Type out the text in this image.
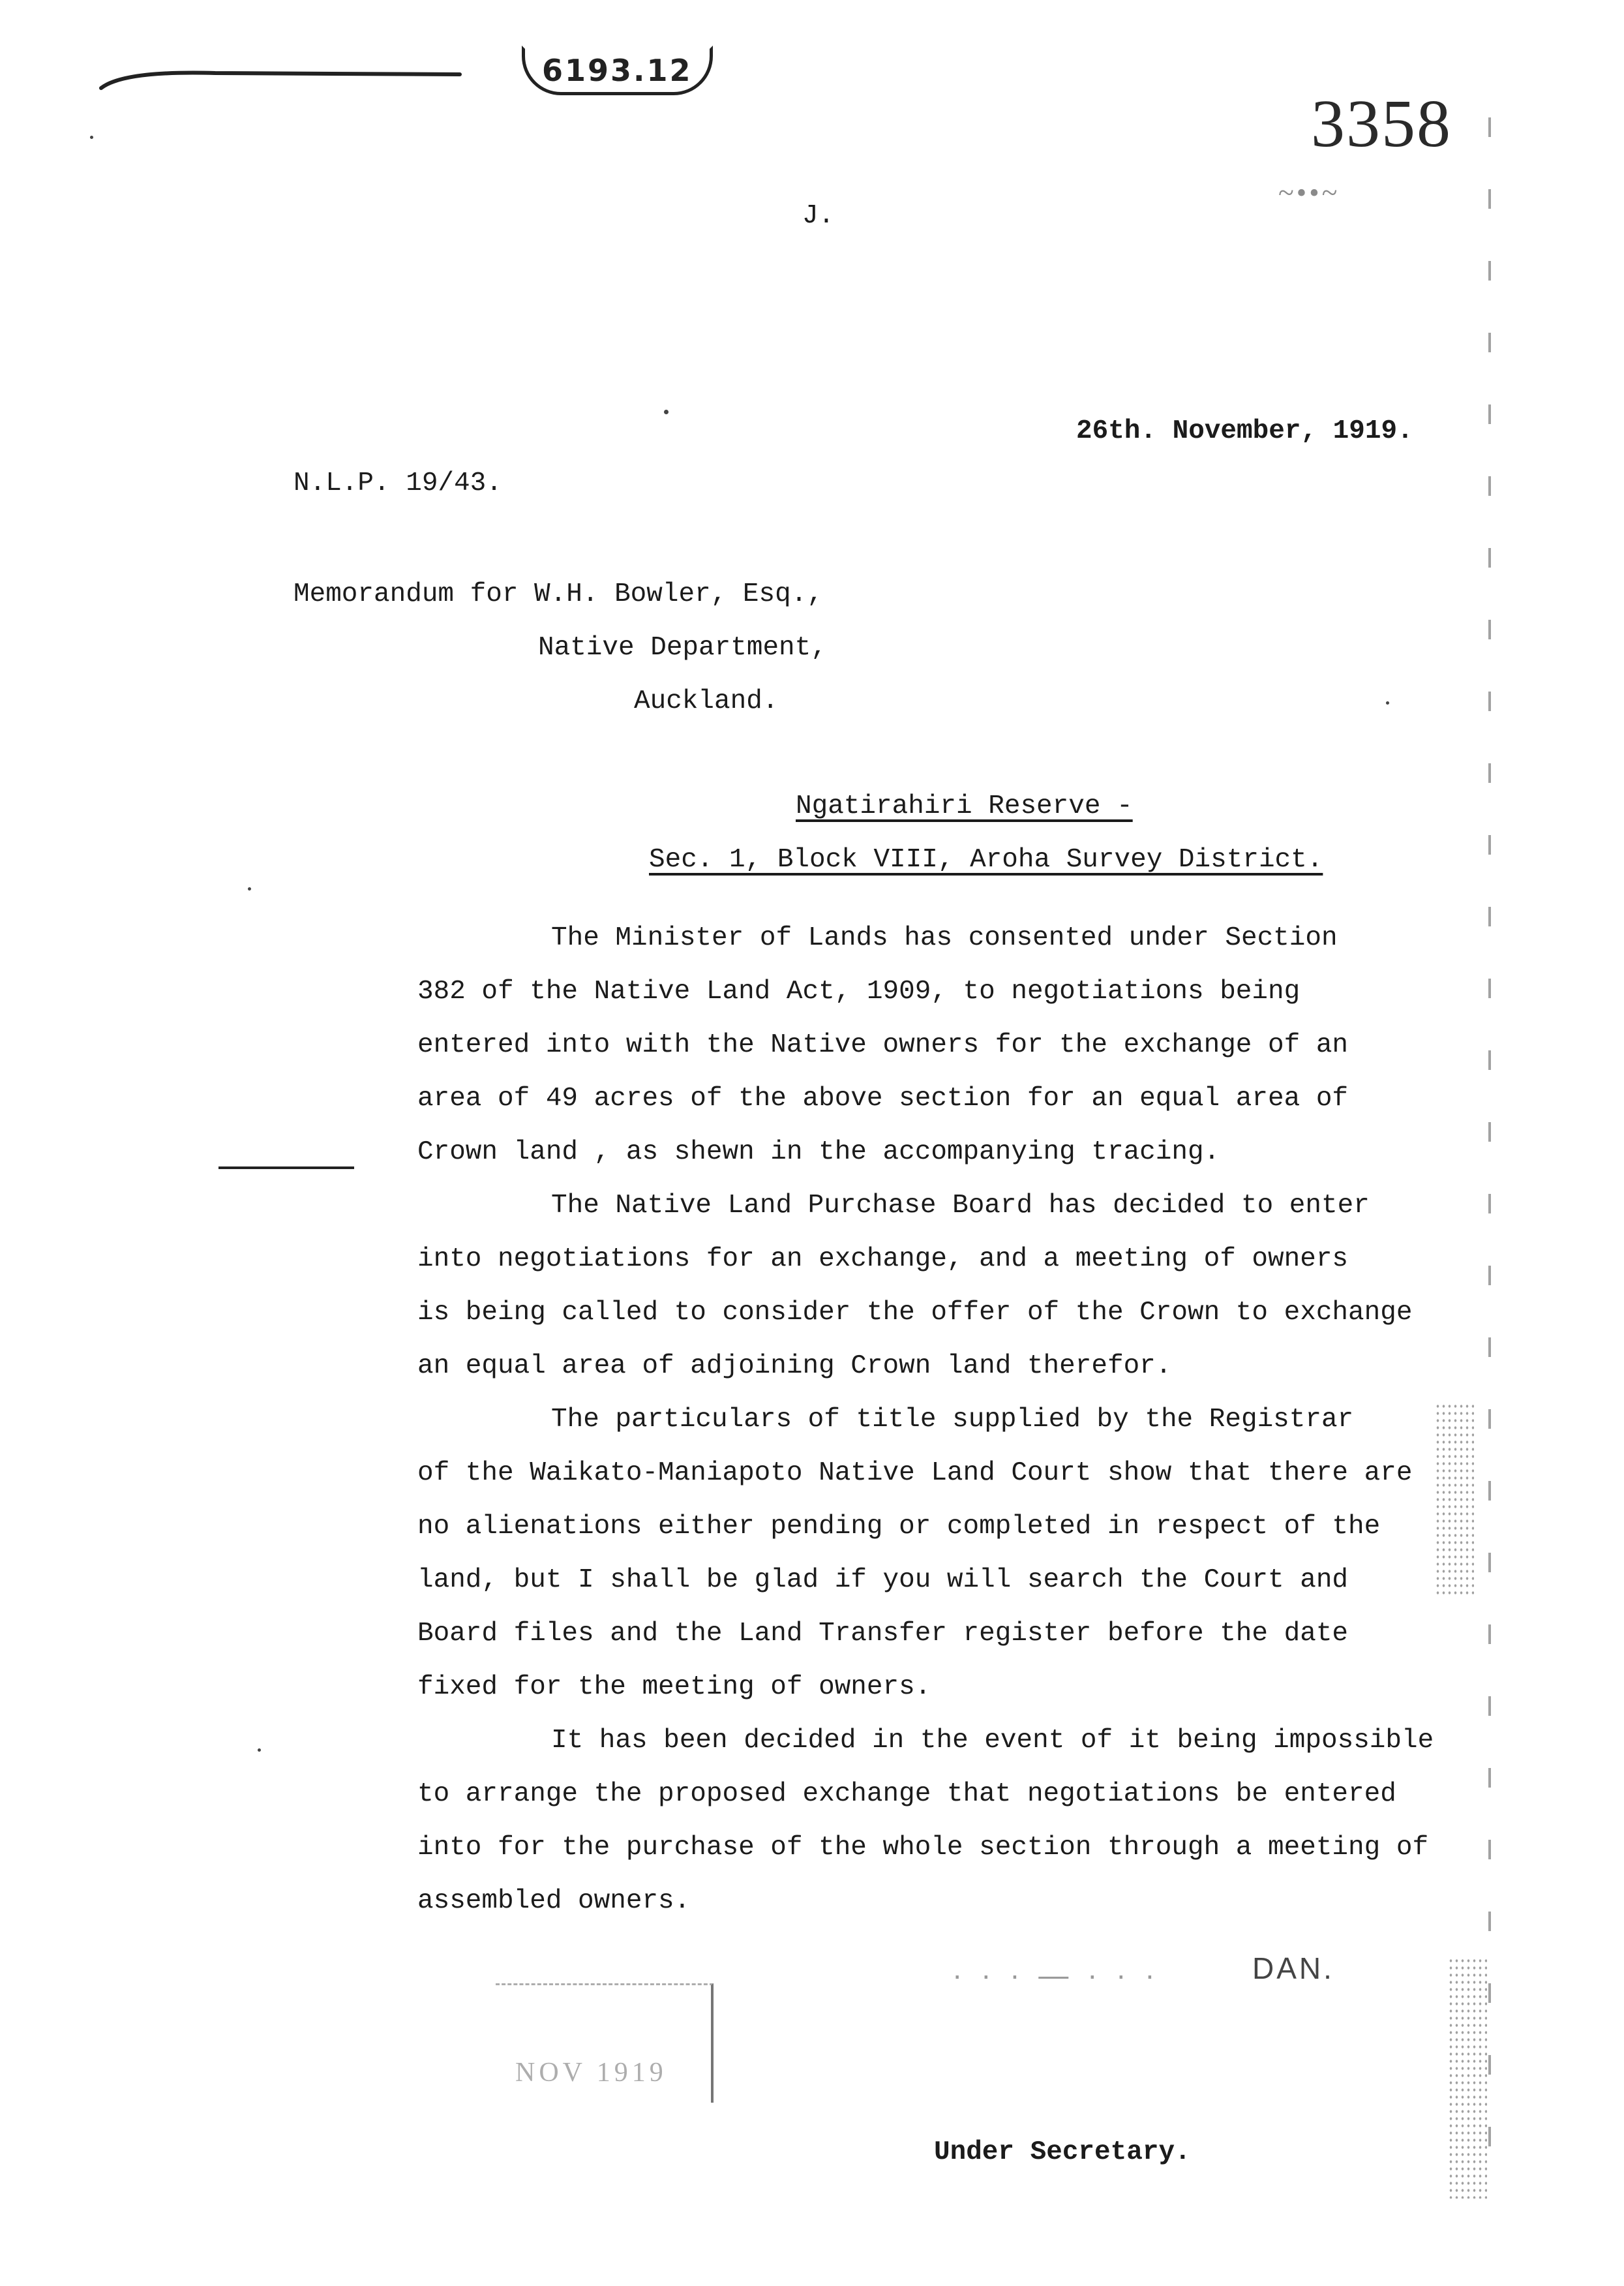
6193.12
3358
~••~
J.
26th. November, 1919.
N.L.P. 19/43.
Memorandum for W.H. Bowler, Esq.,
Native Department,
Auckland.
Ngatirahiri Reserve -
Sec. 1, Block VIII, Aroha Survey District.

The Minister of Lands has consented under Section
382 of the Native Land Act, 1909, to negotiations being
entered into with the Native owners for the exchange of an
area of 49 acres of the above section for an equal area of
Crown land , as shewn in the accompanying tracing.

The Native Land Purchase Board has decided to enter
into negotiations for an exchange, and a meeting of owners
is being called to consider the offer of the Crown to exchange
an equal area of adjoining Crown land therefor.

The particulars of title supplied by the Registrar
of the Waikato-Maniapoto Native Land Court show that there are
no alienations either pending or completed in respect of the
land, but I shall be glad if you will search the Court and
Board files and the Land Transfer register before the date
fixed for the meeting of owners.

It has been decided in the event of it being impossible
to arrange the proposed exchange that negotiations be entered
into for the purchase of the whole section through a meeting of
assembled owners.

· · · — · · ·	DAN.
NOV 1919
Under Secretary.
